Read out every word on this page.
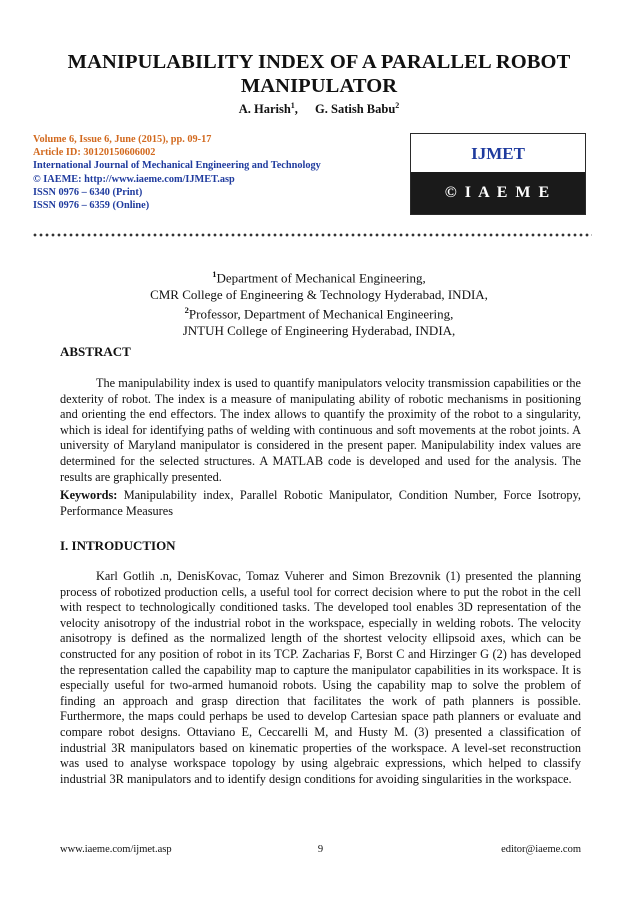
MANIPULABILITY INDEX OF A PARALLEL ROBOT MANIPULATOR
A. Harish$^1$, G. Satish Babu$^2$
Volume 6, Issue 6, June (2015), pp. 09-17
Article ID: 30120150606002
International Journal of Mechanical Engineering and Technology
© IAEME: http://www.iaeme.com/IJMET.asp
ISSN 0976 – 6340 (Print)
ISSN 0976 – 6359 (Online)
IJMET
© I A E M E
$^1$Department of Mechanical Engineering,
CMR College of Engineering & Technology Hyderabad, INDIA,
$^2$Professor, Department of Mechanical Engineering,
JNTUH College of Engineering Hyderabad, INDIA,
ABSTRACT

The manipulability index is used to quantify manipulators velocity transmission capabilities or the dexterity of robot. The index is a measure of manipulating ability of robotic mechanisms in positioning and orienting the end effectors. The index allows to quantify the proximity of the robot to a singularity, which is ideal for identifying paths of welding with continuous and soft movements at the robot joints. A university of Maryland manipulator is considered in the present paper. Manipulability index values are determined for the selected structures. A MATLAB code is developed and used for the analysis. The results are graphically presented.

Keywords: Manipulability index, Parallel Robotic Manipulator, Condition Number, Force Isotropy, Performance Measures

I. INTRODUCTION

Karl Gotlih .n, DenisKovac, Tomaz Vuherer and Simon Brezovnik (1) presented the planning process of robotized production cells, a useful tool for correct decision where to put the robot in the cell with respect to technologically conditioned tasks. The developed tool enables 3D representation of the velocity anisotropy of the industrial robot in the workspace, especially in welding robots. The velocity anisotropy is defined as the normalized length of the shortest velocity ellipsoid axes, which can be constructed for any position of robot in its TCP. Zacharias F, Borst C and Hirzinger G (2) has developed the representation called the capability map to capture the manipulator capabilities in its workspace. It is especially useful for two-armed humanoid robots. Using the capability map to solve the problem of finding an approach and grasp direction that facilitates the work of path planners is possible. Furthermore, the maps could perhaps be used to develop Cartesian space path planners or evaluate and compare robot designs. Ottaviano E, Ceccarelli M, and Husty M. (3) presented a classification of industrial 3R manipulators based on kinematic properties of the workspace. A level-set reconstruction was used to analyse workspace topology by using algebraic expressions, which helped to classify industrial 3R manipulators and to identify design conditions for avoiding singularities in the workspace.

www.iaeme.com/ijmet.asp	9	editor@iaeme.com
